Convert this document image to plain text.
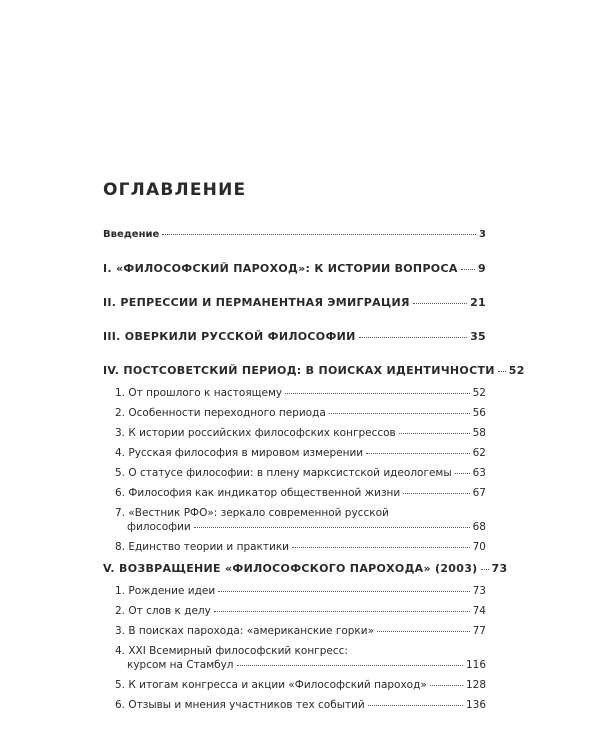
ОГЛАВЛЕНИЕ
Введение	3
I. «ФИЛОСОФСКИЙ ПАРОХОД»: К ИСТОРИИ ВОПРОСА 9
II. РЕПРЕССИИ И ПЕРМАНЕНТНАЯ ЭМИГРАЦИЯ	21
III. ОВЕРКИЛИ РУССКОЙ ФИЛОСОФИИ	35
IV. ПОСТСОВЕТСКИЙ ПЕРИОД: В ПОИСКАХ ИДЕНТИЧНОСТИ 52
1. От прошлого к настоящему	52
2. Особенности переходного периода	56
3. К истории российских философских конгрессов	58
4. Русская философия в мировом измерении	62
5. О статусе философии: в плену марксистской идеологемы 63
6. Философия как индикатор общественной жизни	67
7. «Вестник РФО»: зеркало современной русской
философии	68
8. Единство теории и практики	70
V. ВОЗВРАЩЕНИЕ «ФИЛОСОФСКОГО ПАРОХОДА» (2003) 73
1. Рождение идеи	73
2. От слов к делу	74
3. В поисках парохода: «американские горки»	77
4. XXI Всемирный философский конгресс:
курсом на Стамбул	116
5. К итогам конгресса и акции «Философский пароход»	128
6. Отзывы и мнения участников тех событий	136
